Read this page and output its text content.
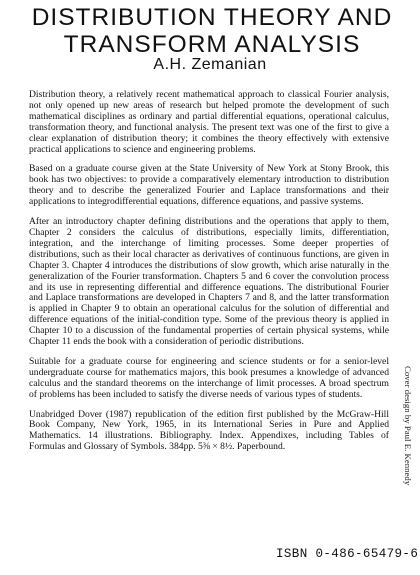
DISTRIBUTION THEORY AND
TRANSFORM ANALYSIS
A.H. Zemanian

Distribution theory, a relatively recent mathematical approach to classical Fourier analysis, not only opened up new areas of research but helped promote the development of such mathematical disciplines as ordinary and partial differential equations, operational calculus, transformation theory, and functional analysis. The present text was one of the first to give a clear explanation of distribution theory; it combines the theory effectively with extensive practical applications to science and engineering problems.

Based on a graduate course given at the State University of New York at Stony Brook, this book has two objectives: to provide a comparatively elementary introduction to distribution theory and to describe the generalized Fourier and Laplace transformations and their applications to integrodifferential equations, difference equations, and passive systems.

After an introductory chapter defining distributions and the operations that apply to them, Chapter 2 considers the calculus of distributions, especially limits, differentiation, integration, and the interchange of limiting processes. Some deeper properties of distributions, such as their local character as derivatives of continuous functions, are given in Chapter 3. Chapter 4 introduces the distributions of slow growth, which arise naturally in the generalization of the Fourier transformation. Chapters 5 and 6 cover the convolution process and its use in representing differential and difference equations. The distributional Fourier and Laplace transformations are developed in Chapters 7 and 8, and the latter transformation is applied in Chapter 9 to obtain an operational calculus for the solution of differential and difference equations of the initial-condition type. Some of the previous theory is applied in Chapter 10 to a discussion of the fundamental properties of certain physical systems, while Chapter 11 ends the book with a consideration of periodic distributions.

Suitable for a graduate course for engineering and science students or for a senior-level undergraduate course for mathematics majors, this book presumes a knowledge of advanced calculus and the standard theorems on the interchange of limit processes. A broad spectrum of problems has been included to satisfy the diverse needs of various types of students.

Unabridged Dover (1987) republication of the edition first published by the McGraw-Hill Book Company, New York, 1965, in its International Series in Pure and Applied Mathematics. 14 illustrations. Bibliography. Index. Appendixes, including Tables of Formulas and Glossary of Symbols. 384pp. 5⅜ × 8½. Paperbound.	Cover design by Paul E. Kennedy
ISBN 0-486-65479-6
